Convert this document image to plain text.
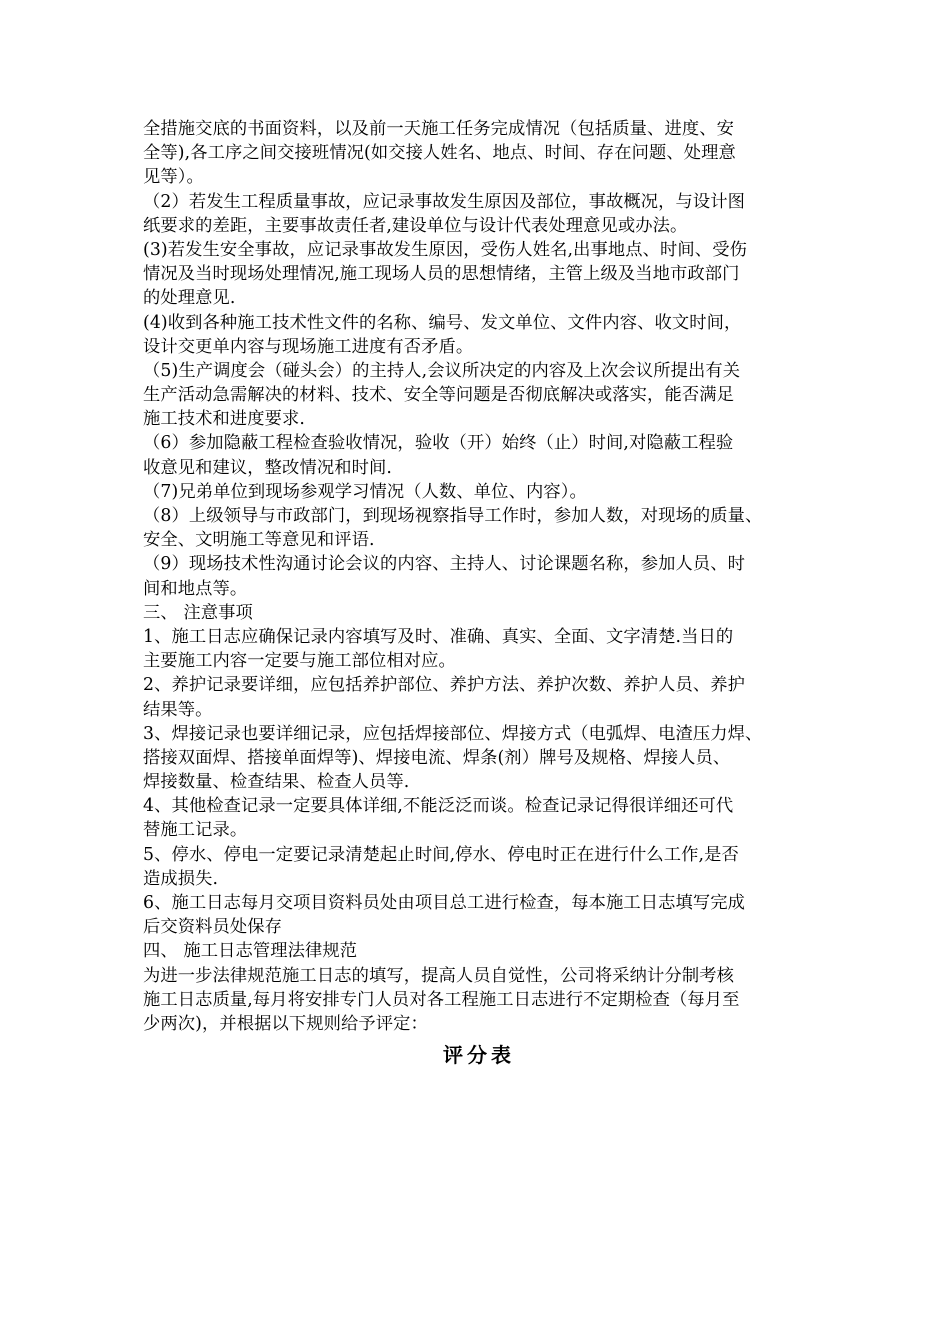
全措施交底的书面资料，以及前一天施工任务完成情况（包括质量、进度、安
全等),各工序之间交接班情况(如交接人姓名、地点、时间、存在问题、处理意
见等）。
（2）若发生工程质量事故，应记录事故发生原因及部位，事故概况，与设计图
纸要求的差距，主要事故责任者,建设单位与设计代表处理意见或办法。
(3)若发生安全事故，应记录事故发生原因，受伤人姓名,出事地点、时间、受伤
情况及当时现场处理情况,施工现场人员的思想情绪，主管上级及当地市政部门
的处理意见.
(4)收到各种施工技术性文件的名称、编号、发文单位、文件内容、收文时间，
设计交更单内容与现场施工进度有否矛盾。
（5)生产调度会（碰头会）的主持人,会议所决定的内容及上次会议所提出有关
生产活动急需解决的材料、技术、安全等问题是否彻底解决或落实，能否满足
施工技术和进度要求.
（6）参加隐蔽工程检查验收情况，验收（开）始终（止）时间,对隐蔽工程验
收意见和建议，整改情况和时间.
（7)兄弟单位到现场参观学习情况（人数、单位、内容）。
（8）上级领导与市政部门，到现场视察指导工作时，参加人数，对现场的质量、
安全、文明施工等意见和评语.
（9）现场技术性沟通讨论会议的内容、主持人、讨论课题名称，参加人员、时
间和地点等。
三、 注意事项
1、施工日志应确保记录内容填写及时、准确、真实、全面、文字清楚.当日的
主要施工内容一定要与施工部位相对应。
2、养护记录要详细，应包括养护部位、养护方法、养护次数、养护人员、养护
结果等。
3、焊接记录也要详细记录，应包括焊接部位、焊接方式（电弧焊、电渣压力焊、
搭接双面焊、搭接单面焊等)、焊接电流、焊条(剂）牌号及规格、焊接人员、
焊接数量、检查结果、检查人员等.
4、其他检查记录一定要具体详细,不能泛泛而谈。检查记录记得很详细还可代
替施工记录。
5、停水、停电一定要记录清楚起止时间,停水、停电时正在进行什么工作,是否
造成损失.
6、施工日志每月交项目资料员处由项目总工进行检查，每本施工日志填写完成
后交资料员处保存
四、 施工日志管理法律规范
为进一步法律规范施工日志的填写，提高人员自觉性，公司将采纳计分制考核
施工日志质量,每月将安排专门人员对各工程施工日志进行不定期检查（每月至
少两次)，并根据以下规则给予评定：
评分表
